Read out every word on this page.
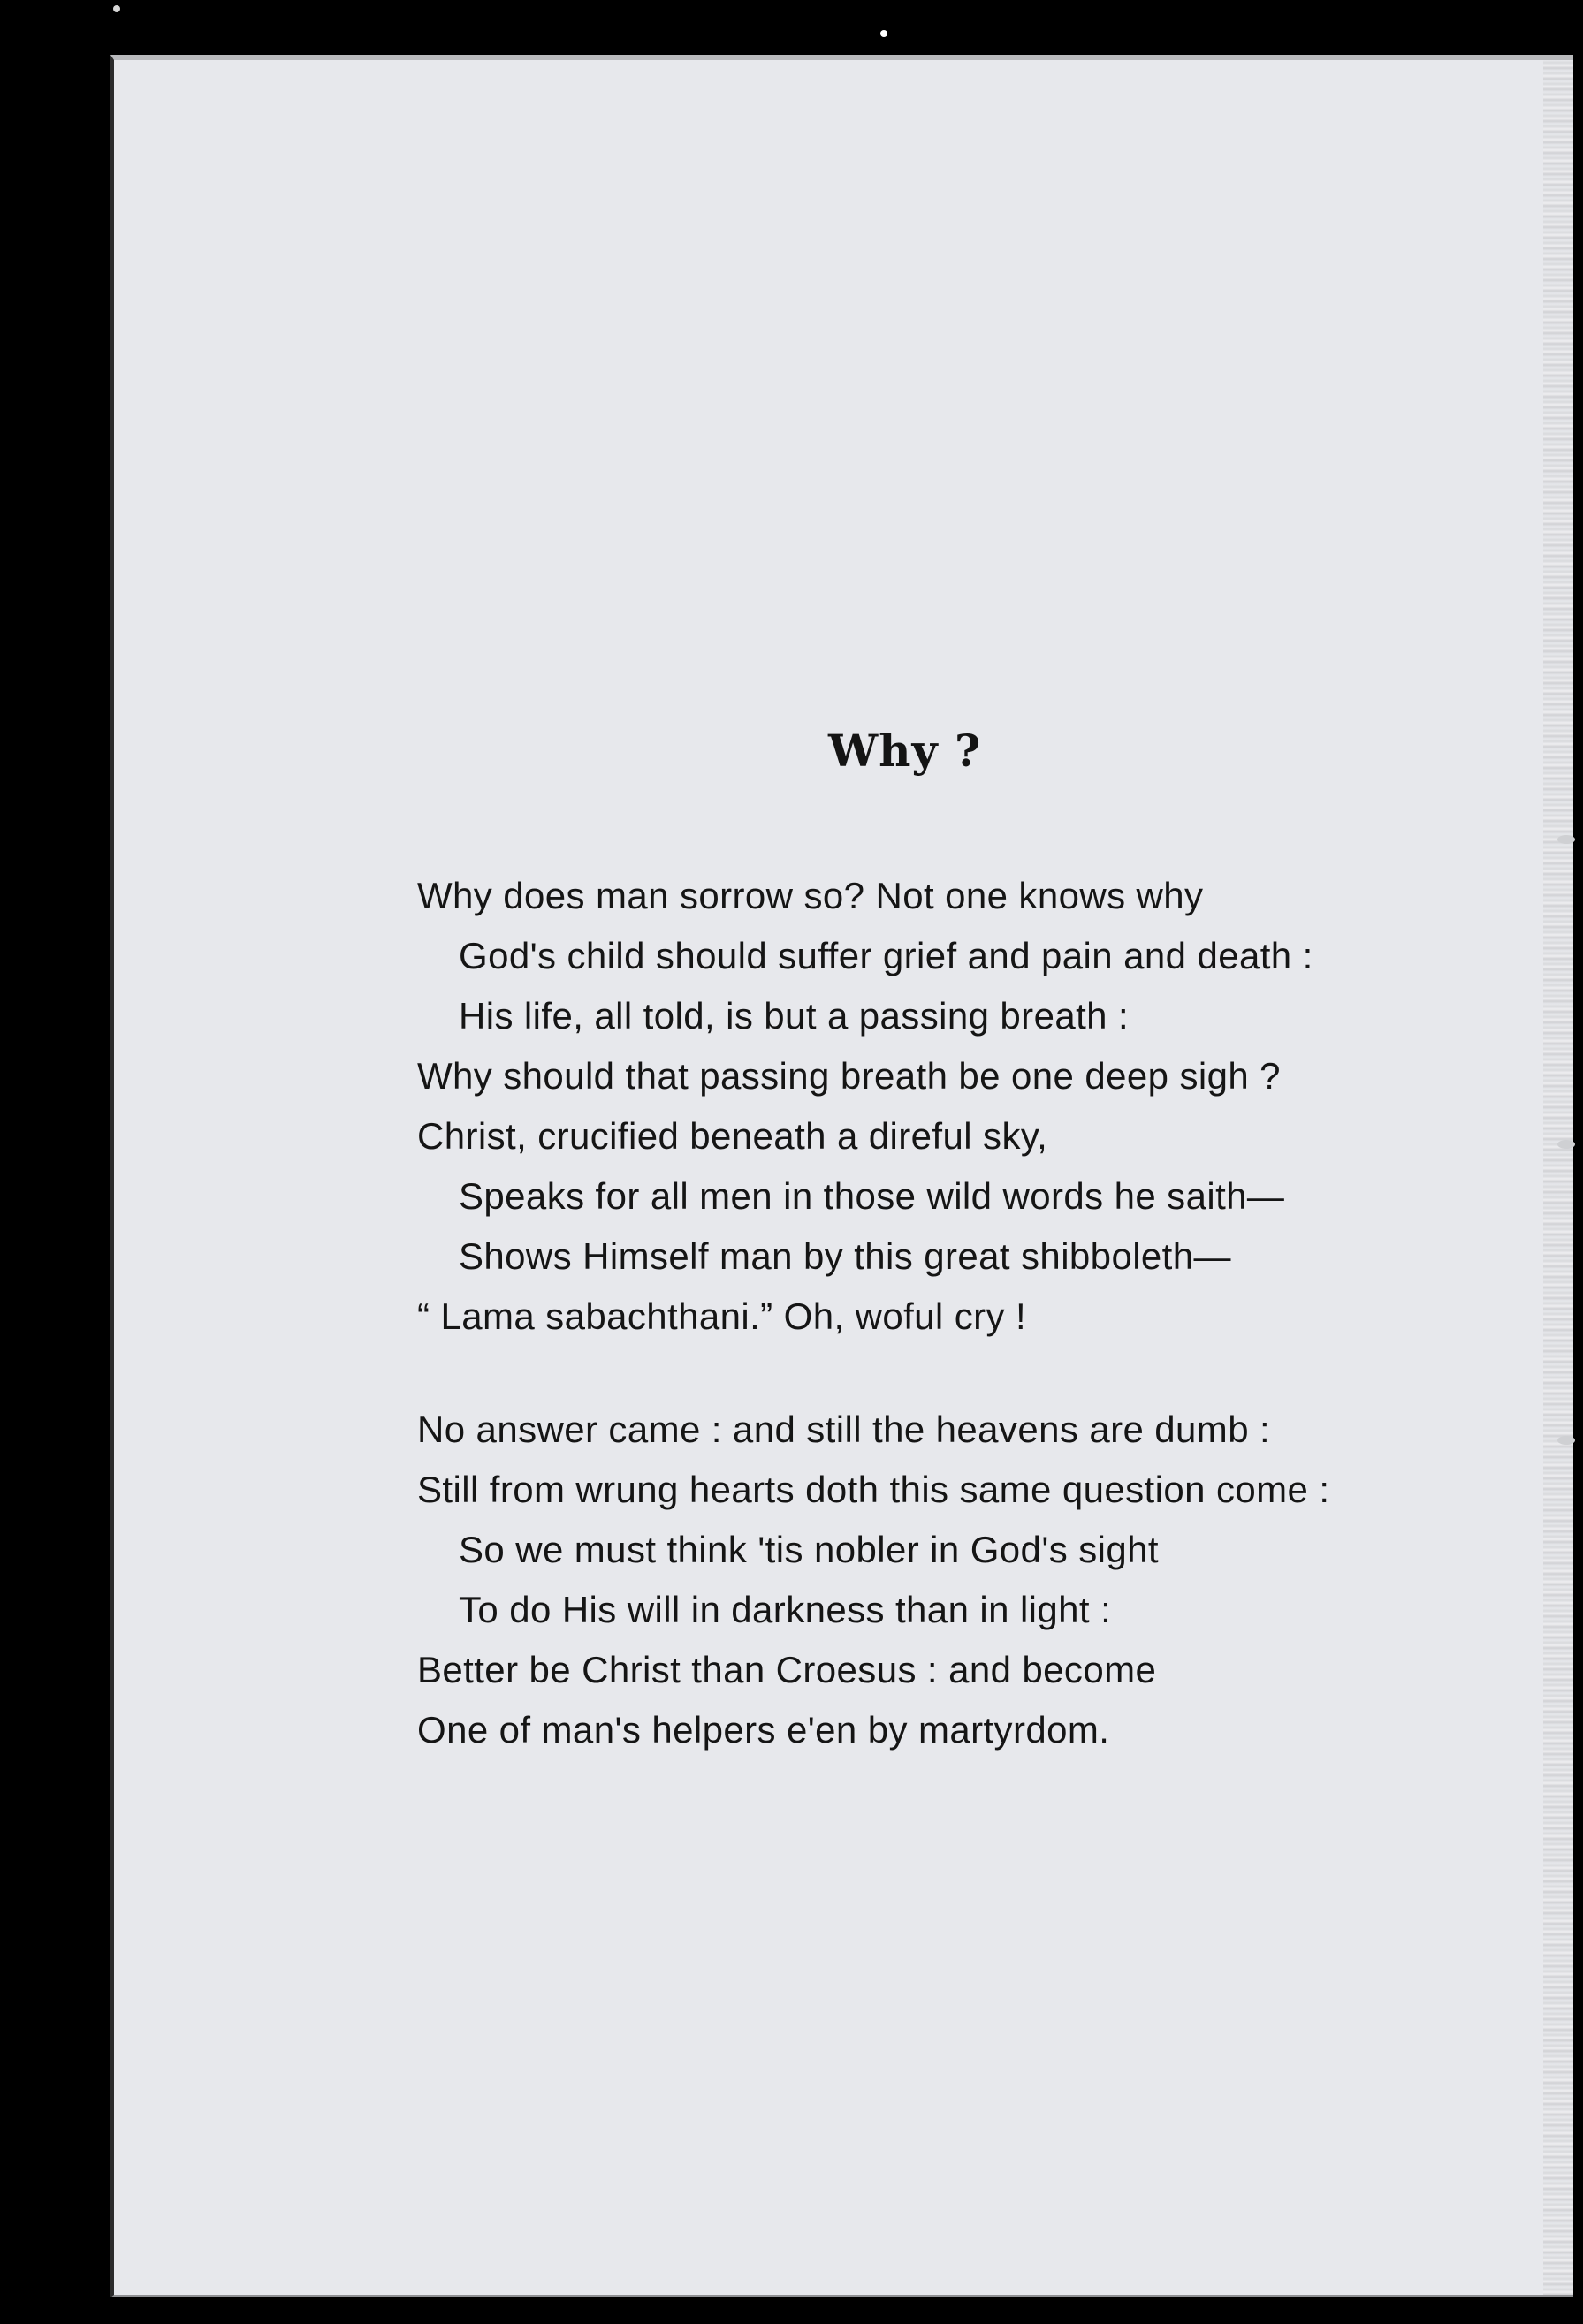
Why ?
Why does man sorrow so? Not one knows why
God's child should suffer grief and pain and death :
His life, all told, is but a passing breath :
Why should that passing breath be one deep sigh ?
Christ, crucified beneath a direful sky,
Speaks for all men in those wild words he saith—
Shows Himself man by this great shibboleth—
“ Lama sabachthani.” Oh, woful cry !
No answer came : and still the heavens are dumb :
Still from wrung hearts doth this same question come :
So we must think 'tis nobler in God's sight
To do His will in darkness than in light :
Better be Christ than Croesus : and become
One of man's helpers e'en by martyrdom.
